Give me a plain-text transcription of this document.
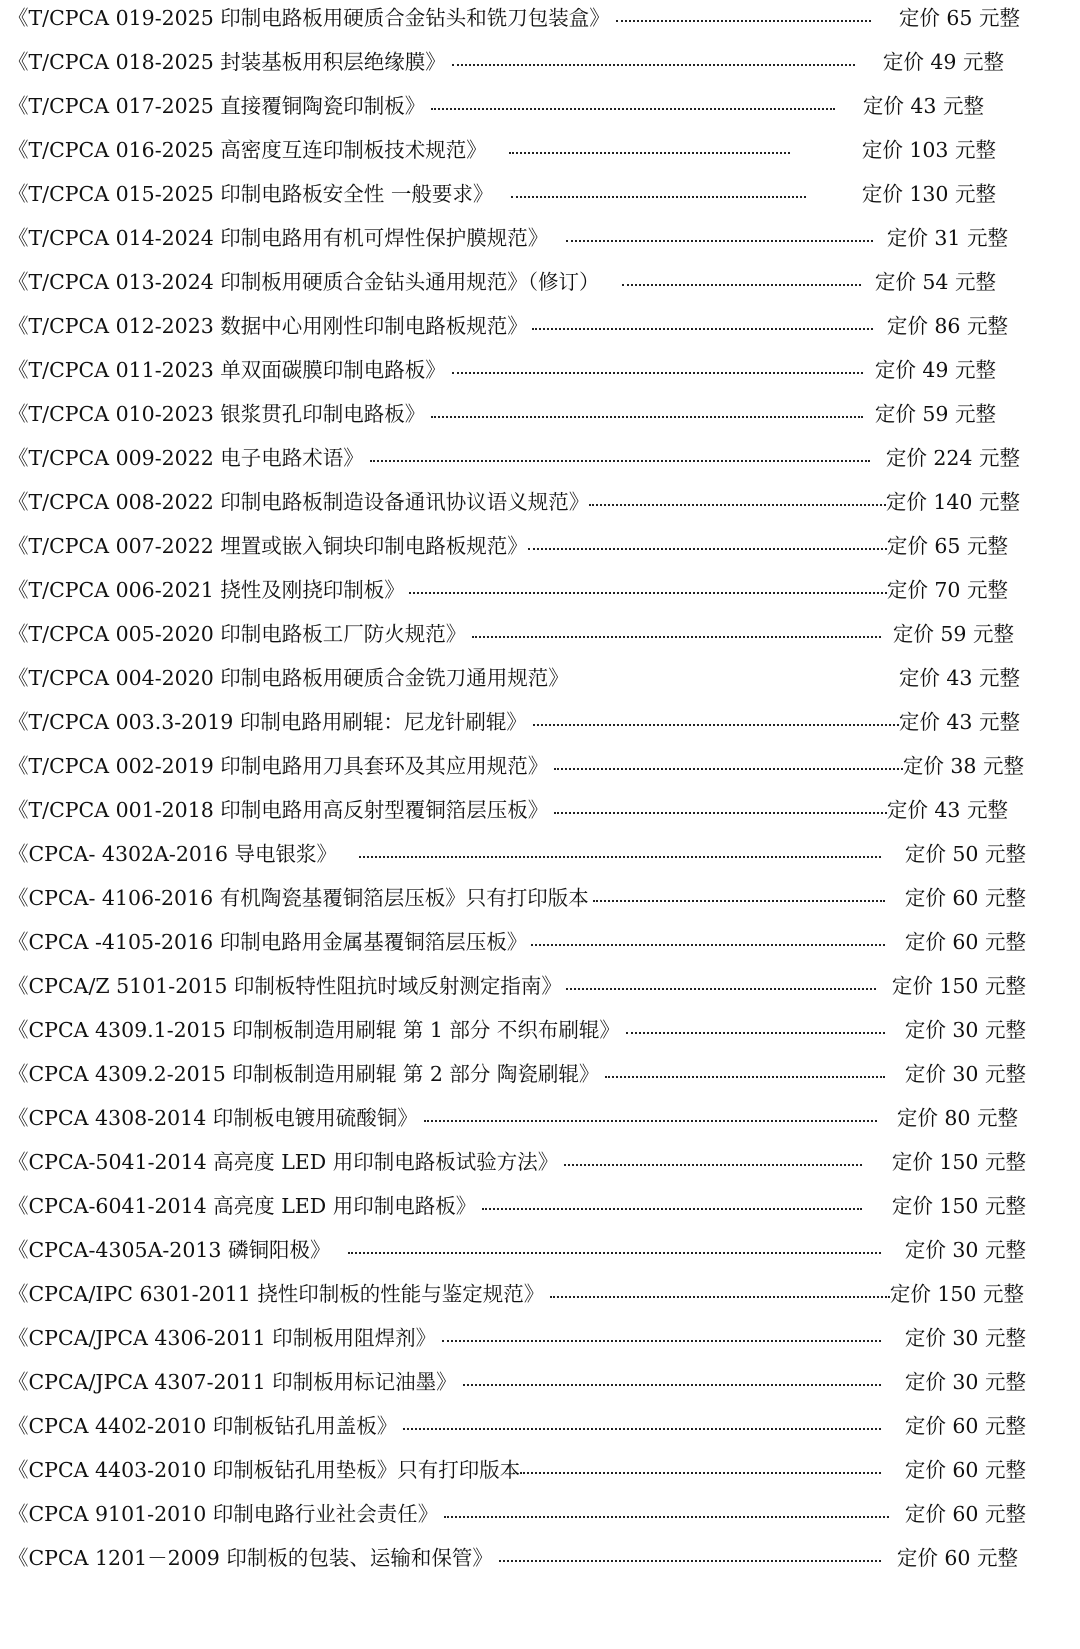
《T/CPCA 019-2025 印制电路板用硬质合金钻头和铣刀包装盒》	定价 65 元整
《T/CPCA 018-2025 封装基板用积层绝缘膜》	定价 49 元整
《T/CPCA 017-2025 直接覆铜陶瓷印制板》	定价 43 元整
《T/CPCA 016-2025 高密度互连印制板技术规范》	定价 103 元整
《T/CPCA 015-2025 印制电路板安全性 一般要求》	定价 130 元整
《T/CPCA 014-2024 印制电路用有机可焊性保护膜规范》	定价 31 元整
《T/CPCA 013-2024 印制板用硬质合金钻头通用规范》（修订）	定价 54 元整
《T/CPCA 012-2023 数据中心用刚性印制电路板规范》	定价 86 元整
《T/CPCA 011-2023 单双面碳膜印制电路板》	定价 49 元整
《T/CPCA 010-2023 银浆贯孔印制电路板》	定价 59 元整
《T/CPCA 009-2022 电子电路术语》	定价 224 元整
《T/CPCA 008-2022 印制电路板制造设备通讯协议语义规范》	定价 140 元整
《T/CPCA 007-2022 埋置或嵌入铜块印制电路板规范》	定价 65 元整
《T/CPCA 006-2021 挠性及刚挠印制板》	定价 70 元整
《T/CPCA 005-2020 印制电路板工厂防火规范》	定价 59 元整
《T/CPCA 004-2020 印制电路板用硬质合金铣刀通用规范》	定价 43 元整
《T/CPCA 003.3-2019 印制电路用刷辊：尼龙针刷辊》	定价 43 元整
《T/CPCA 002-2019 印制电路用刀具套环及其应用规范》	定价 38 元整
《T/CPCA 001-2018 印制电路用高反射型覆铜箔层压板》	定价 43 元整
《CPCA- 4302A-2016 导电银浆》	定价 50 元整
《CPCA- 4106-2016 有机陶瓷基覆铜箔层压板》只有打印版本	定价 60 元整
《CPCA -4105-2016 印制电路用金属基覆铜箔层压板》	定价 60 元整
《CPCA/Z 5101-2015 印制板特性阻抗时域反射测定指南》	定价 150 元整
《CPCA 4309.1-2015 印制板制造用刷辊 第 1 部分 不织布刷辊》	定价 30 元整
《CPCA 4309.2-2015 印制板制造用刷辊 第 2 部分 陶瓷刷辊》	定价 30 元整
《CPCA 4308-2014 印制板电镀用硫酸铜》	定价 80 元整
《CPCA-5041-2014 高亮度 LED 用印制电路板试验方法》	定价 150 元整
《CPCA-6041-2014 高亮度 LED 用印制电路板》	定价 150 元整
《CPCA-4305A-2013 磷铜阳极》	定价 30 元整
《CPCA/IPC 6301-2011 挠性印制板的性能与鉴定规范》	定价 150 元整
《CPCA/JPCA 4306-2011 印制板用阻焊剂》	定价 30 元整
《CPCA/JPCA 4307-2011 印制板用标记油墨》	定价 30 元整
《CPCA 4402-2010 印制板钻孔用盖板》	定价 60 元整
《CPCA 4403-2010 印制板钻孔用垫板》只有打印版本	定价 60 元整
《CPCA 9101-2010 印制电路行业社会责任》	定价 60 元整
《CPCA 1201－2009 印制板的包装、运输和保管》	定价 60 元整
